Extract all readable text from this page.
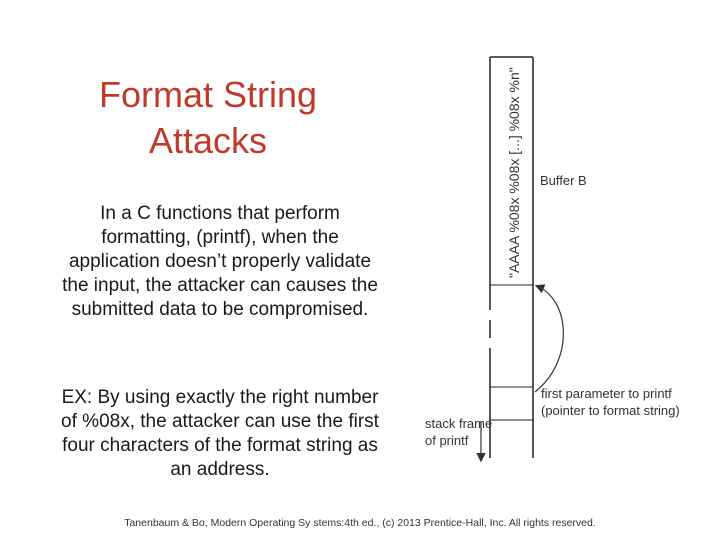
Format String
Attacks
In a C functions that perform
formatting, (printf), when the
application doesn’t properly validate
the input, the attacker can causes the
submitted data to be compromised.
EX: By using exactly the right number
of %08x, the attacker can use the first
four characters of the format string as
an address.
"AAAA %08x %08x [...] %08x %n" Buffer B
first parameter to printf
(pointer to format string)
stack frame
of printf
Tanenbaum & Bo, Modern Operating Sy stems:4th ed., (c) 2013 Prentice-Hall, Inc. All rights reserved.
